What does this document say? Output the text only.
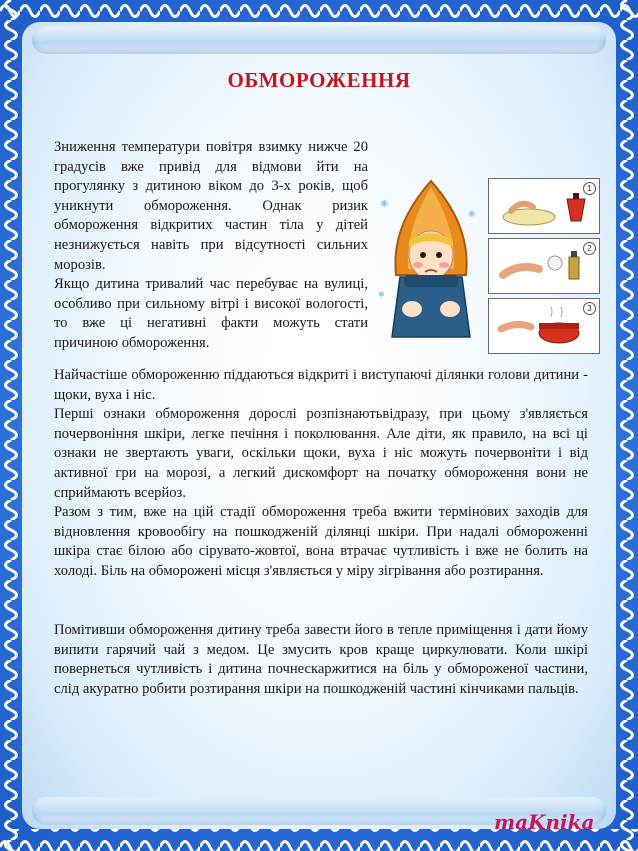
ОБМОРОЖЕННЯ

Зниження температури повітря взимку нижче 20 градусів вже привід для відмови йти на прогулянку з дитиною віком до 3-х років, щоб уникнути обмороження. Однак ризик обмороження відкритих частин тіла у дітей незнижується навіть при відсутності сильних морозів.

Якщо дитина тривалий час перебуває на вулиці, особливо при сильному вітрі і високої вологості, то вже ці негативні факти можуть стати причиною обмороження.

✱
✱
✱
1
2
3

Найчастіше обмороженню піддаються відкриті і виступаючі ділянки голови дитини - щоки, вуха і ніс.

Перші ознаки обмороження дорослі розпізнаютьвідразу, при цьому з'являється почервоніння шкіри, легке печіння і поколювання. Але діти, як правило, на всі ці ознаки не звертають уваги, оскільки щоки, вуха і ніс можуть почервоніти і від активної гри на морозі, а легкий дискомфорт на початку обмороження вони не сприймають всерйоз.

Разом з тим, вже на цій стадії обмороження треба вжити термінових заходів для відновлення кровообігу на пошкодженій ділянці шкіри. При надалі обмороженні шкіра стає білою або сірувато-жовтої, вона втрачає чутливість і вже не болить на холоді. Біль на обморожені місця з'являється у міру зігрівання або розтирання.

Помітивши обмороження дитину треба завести його в тепле приміщення і дати йому випити гарячий чай з медом. Це змусить кров краще циркулювати. Коли шкірі повернеться чутливість і дитина почнескаржитися на біль у обмороженої частини, слід акуратно робити розтирання шкіри на пошкодженій частині кінчиками пальців.

maKnika
